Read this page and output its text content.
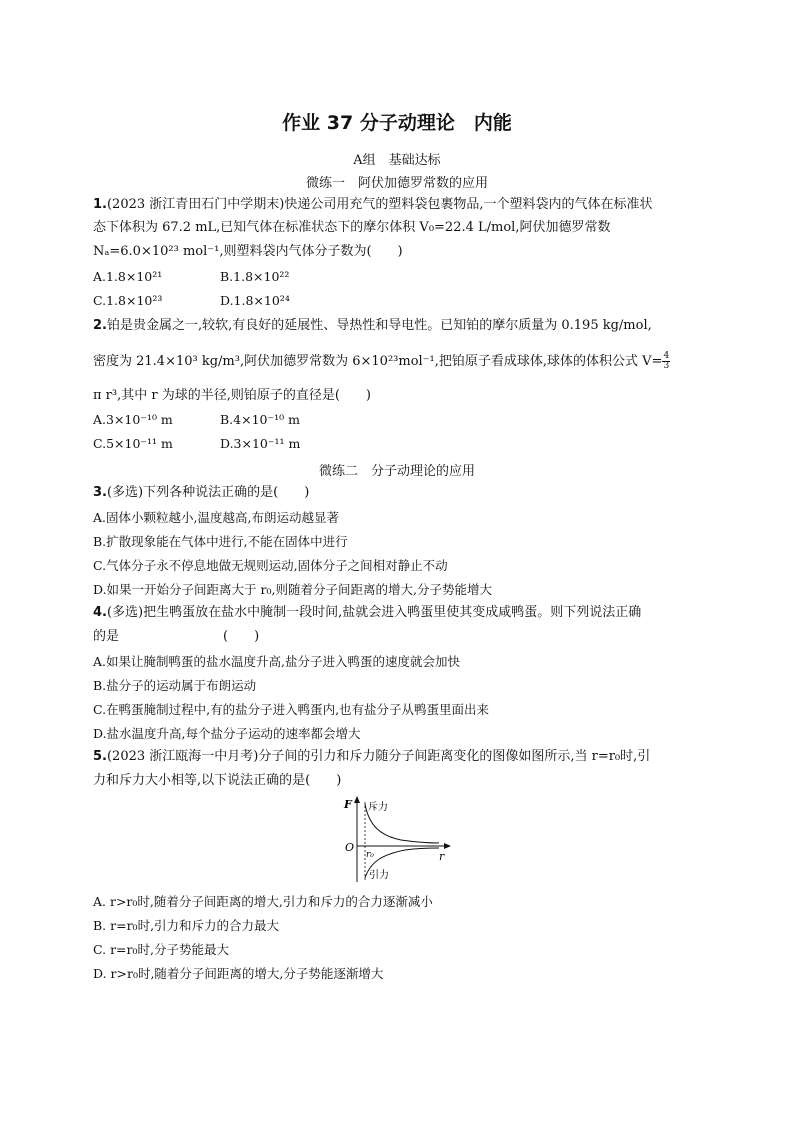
作业 37 分子动理论　内能
A组　基础达标
微练一　阿伏加德罗常数的应用
1.(2023 浙江青田石门中学期末)快递公司用充气的塑料袋包裹物品,一个塑料袋内的气体在标准状
态下体积为 67.2 mL,已知气体在标准状态下的摩尔体积 V₀=22.4 L/mol,阿伏加德罗常数
Nₐ=6.0×10²³ mol⁻¹,则塑料袋内气体分子数为(　　)
A.1.8×10²¹	B.1.8×10²²
C.1.8×10²³	D.1.8×10²⁴
2.铂是贵金属之一,较软,有良好的延展性、导热性和导电性。已知铂的摩尔质量为 0.195 kg/mol,
密度为 21.4×10³ kg/m³,阿伏加德罗常数为 6×10²³mol⁻¹,把铂原子看成球体,球体的体积公式 $V= \frac{4}{3}$
π r³,其中 r 为球的半径,则铂原子的直径是(　　)
A.3×10⁻¹⁰ m	B.4×10⁻¹⁰ m
C.5×10⁻¹¹ m	D.3×10⁻¹¹ m
微练二　分子动理论的应用
3.(多选)下列各种说法正确的是(　　)
A.固体小颗粒越小,温度越高,布朗运动越显著
B.扩散现象能在气体中进行,不能在固体中进行
C.气体分子永不停息地做无规则运动,固体分子之间相对静止不动
D.如果一开始分子间距离大于 r₀,则随着分子间距离的增大,分子势能增大
4.(多选)把生鸭蛋放在盐水中腌制一段时间,盐就会进入鸭蛋里使其变成咸鸭蛋。则下列说法正确
的是　　　　　　　　(　　)
A.如果让腌制鸭蛋的盐水温度升高,盐分子进入鸭蛋的速度就会加快
B.盐分子的运动属于布朗运动
C.在鸭蛋腌制过程中,有的盐分子进入鸭蛋内,也有盐分子从鸭蛋里面出来
D.盐水温度升高,每个盐分子运动的速率都会增大
5.(2023 浙江瓯海一中月考)分子间的引力和斥力随分子间距离变化的图像如图所示,当 r=r₀时,引
力和斥力大小相等,以下说法正确的是(　　)
F
r
O
r₀
斥力
引力
A. r>r₀时,随着分子间距离的增大,引力和斥力的合力逐渐减小
B. r=r₀时,引力和斥力的合力最大
C. r=r₀时,分子势能最大
D. r>r₀时,随着分子间距离的增大,分子势能逐渐增大
